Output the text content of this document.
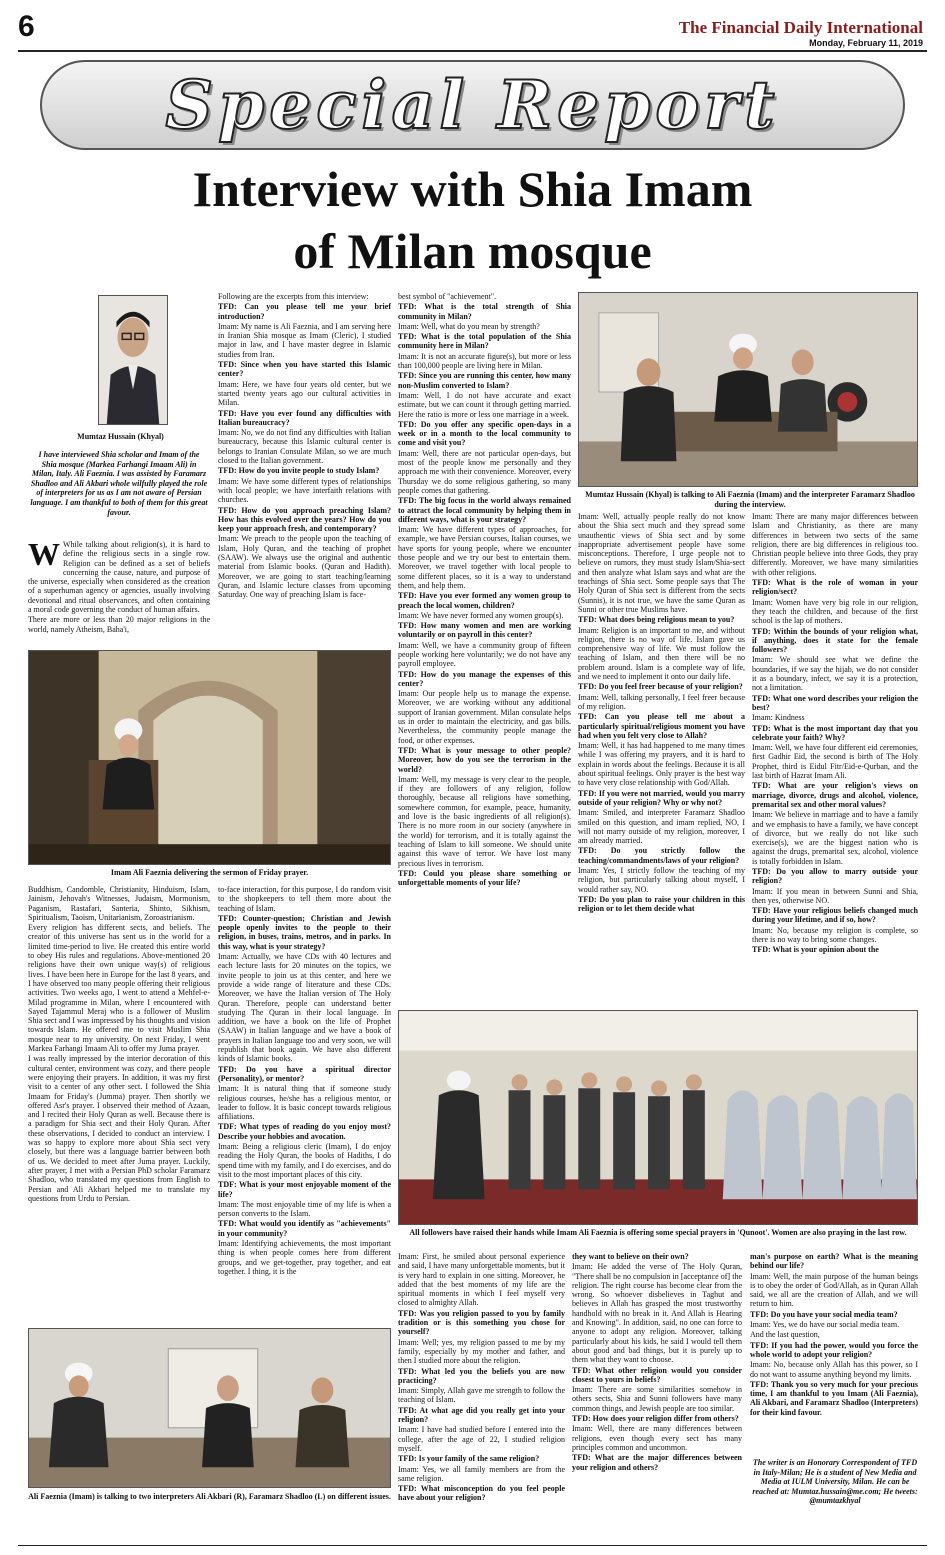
6	The Financial Daily International
Monday, February 11, 2019
Special Report
Interview with Shia Imam
of Milan mosque
Mumtaz Hussain (Khyal)
I have interviewed Shia scholar and Imam of the Shia mosque (Markea Farhangi Imaam Ali) in Milan, Italy. Ali Faeznia. I was assisted by Faramarz Shadloo and Ali Akbari whole wilfully played the role of interpreters for us as I am not aware of Persian language. I am thankful to both of them for this great favour.

W While talking about religion(s), it is hard to define the religious sects in a single row. Religion can be defined as a set of beliefs concerning the cause, nature, and purpose of the universe, especially when considered as the creation of a superhuman agency or agencies, usually involving devotional and ritual observances, and often containing a moral code governing the conduct of human affairs.

There are more or less than 20 major religions in the world, namely Atheism, Baha'i,

Following are the excerpts from this interview:

TFD: Can you please tell me your brief introduction?

Imam: My name is Ali Faeznia, and I am serving here in Iranian Shia mosque as Imam (Cleric), I studied major in law, and I have master degree in Islamic studies from Iran.

TFD: Since when you have started this Islamic center?

Imam: Here, we have four years old center, but we started twenty years ago our cultural activities in Milan.

TFD: Have you ever found any difficulties with Italian bureaucracy?

Imam: No, we do not find any difficulties with Italian bureaucracy, because this Islamic cultural center is belongs to Iranian Consulate Milan, so we are much closed to the Italian government.

TFD: How do you invite people to study Islam?

Imam: We have some different types of relationships with local people; we have interfaith relations with churches.

TFD: How do you approach preaching Islam? How has this evolved over the years? How do you keep your approach fresh, and contemporary?

Imam: We preach to the people upon the teaching of Islam, Holy Quran, and the teaching of prophet (SAAW). We always use the original and authentic material from Islamic books. (Quran and Hadith). Moreover, we are going to start teaching/learning Quran, and Islamic lecture classes from upcoming Saturday. One way of preaching Islam is face-

Imam Ali Faeznia delivering the sermon of Friday prayer.

Buddhism, Candomble, Christianity, Hinduism, Islam, Jainism, Jehovah's Witnesses, Judaism, Mormonism, Paganism, Rastafari, Santeria, Shinto, Sikhism, Spiritualism, Taoism, Unitarianism, Zoroastrianism.

Every religion has different sects, and beliefs. The creator of this universe has sent us in the world for a limited time-period to live. He created this entire world to obey His rules and regulations. Above-mentioned 20 religions have their own unique way(s) of religious lives. I have been here in Europe for the last 8 years, and I have observed too many people offering their religious activities. Two weeks ago, I went to attend a Mehfel-e-Milad programme in Milan, where I encountered with Sayed Tajammul Meraj who is a follower of Muslim Shia sect and I was impressed by his thoughts and vision towards Islam. He offered me to visit Muslim Shia mosque near to my university. On next Friday, I went Markea Farhangi Imaam Ali to offer my Juma prayer.

I was really impressed by the interior decoration of this cultural center, environment was cozy, and there people were enjoying their prayers. In addition, it was my first visit to a center of any other sect. I followed the Shia Imaam for Friday's (Jumma) prayer. Then shortly we offered Asr's prayer. I observed their method of Azaan, and I recited their Holy Quran as well. Because there is a paradigm for Shia sect and their Holy Quran. After these observations, I decided to conduct an interview. I was so happy to explore more about Shia sect very closely, but there was a language barrier between both of us. We decided to meet after Juma prayer. Luckily, after prayer, I met with a Persian PhD scholar Faramarz Shadloo, who translated my questions from English to Persian and Ali Akbari helped me to translate my questions from Urdu to Persian.

to-face interaction, for this purpose, I do random visit to the shopkeepers to tell them more about the teaching of Islam.

TFD: Counter-question; Christian and Jewish people openly invites to the people to their religion, in buses, trains, metros, and in parks. In this way, what is your strategy?

Imam: Actually, we have CDs with 40 lectures and each lecture lasts for 20 minutes on the topics, we invite people to join us at this center, and here we provide a wide range of literature and these CDs. Moreover, we have the Italian version of The Holy Quran. Therefore, people can understand better studying The Quran in their local language. In addition, we have a book on the life of Prophet (SAAW) in Italian language and we have a book of prayers in Italian language too and very soon, we will republish that book again. We have also different kinds of Islamic books.

TFD: Do you have a spiritual director (Personality), or mentor?

Imam: It is natural thing that if someone study religious courses, he/she has a religious mentor, or leader to follow. It is basic concept towards religious affiliations.

TDF: What types of reading do you enjoy most? Describe your hobbies and avocation.

Imam: Being a religious cleric (Imam), I do enjoy reading the Holy Quran, the books of Hadiths, I do spend time with my family, and I do exercises, and do visit to the most important places of this city.

TDF: What is your most enjoyable moment of the life?

Imam: The most enjoyable time of my life is when a person converts to the Islam.

TFD: What would you identify as "achievements" in your community?

Imam: Identifying achievements, the most important thing is when people comes here from different groups, and we get-together, pray together, and eat together. I thing, it is the

Ali Faeznia (Imam) is talking to two interpreters Ali Akbari (R), Faramarz Shadloo (L) on different issues.

best symbol of "achievement".

TFD: What is the total strength of Shia community in Milan?

Imam: Well, what do you mean by strength?

TFD: What is the total population of the Shia community here in Milan?

Imam: It is not an accurate figure(s), but more or less than 100,000 people are living here in Milan.

TFD: Since you are running this center, how many non-Muslim converted to Islam?

Imam: Well, I do not have accurate and exact estimate, but we can count it through getting married. Here the ratio is more or less one marriage in a week.

TFD: Do you offer any specific open-days in a week or in a month to the local community to come and visit you?

Imam: Well, there are not particular open-days, but most of the people know me personally and they approach me with their convenience. Moreover, every Thursday we do some religious gathering, so many people comes that gathering.

TFD: The big focus in the world always remained to attract the local community by helping them in different ways, what is your strategy?

Imam: We have different types of approaches, for example, we have Persian courses, Italian courses, we have sports for young people, where we encounter those people and we try our best to entertain them. Moreover, we travel together with local people to some different places, so it is a way to understand them, and help them.

TFD: Have you ever formed any women group to preach the local women, children?

Imam: We have never formed any women group(s).

TFD: How many women and men are working voluntarily or on payroll in this center?

Imam: Well, we have a community group of fifteen people working here voluntarily; we do not have any payroll employee.

TFD: How do you manage the expenses of this center?

Imam: Our people help us to manage the expense. Moreover, we are working without any additional support of Iranian government. Milan consulate helps us in order to maintain the electricity, and gas bills. Nevertheless, the community people manage the food, or other expenses.

TFD: What is your message to other people? Moreover, how do you see the terrorism in the world?

Imam: Well, my message is very clear to the people, if they are followers of any religion, follow thoroughly, because all religions have something, somewhere common, for example, peace, humanity, and love is the basic ingredients of all religion(s). There is no more room in our society (anywhere in the world) for terrorism, and it is totally against the teaching of Islam to kill someone. We should unite against this wave of terror. We have lost many precious lives in terrorism.

TFD: Could you please share something or unforgettable moments of your life?

Mumtaz Hussain (Khyal) is talking to Ali Faeznia (Imam) and the interpreter Faramarz Shadloo during the interview.

Imam: Well, actually people really do not know about the Shia sect much and they spread some unauthentic views of Shia sect and by some inappropriate advertisement people have some misconceptions. Therefore, I urge people not to believe on rumors, they must study Islam/Shia-sect and then analyze what Islam says and what are the teachings of Shia sect. Some people says that The Holy Quran of Shia sect is different from the sects (Sunnis), it is not true, we have the same Quran as Sunni or other true Muslims have.

TFD: What does being religious mean to you?

Imam: Religion is an important to me, and without religion, there is no way of life. Islam gave us comprehensive way of life. We must follow the teaching of Islam, and then there will be no problem around. Islam is a complete way of life, and we need to implement it onto our daily life.

TFD: Do you feel freer because of your religion?

Imam: Well, talking personally, I feel freer because of my religion.

TFD: Can you please tell me about a particularly spiritual/religious moment you have had when you felt very close to Allah?

Imam: Well, it has had happened to me many times while I was offering my prayers, and it is hard to explain in words about the feelings. Because it is all about spiritual feelings. Only prayer is the best way to have very close relationship with God/Allah.

TFD: If you were not married, would you marry outside of your religion? Why or why not?

Imam: Smiled, and interpreter Faramarz Shadloo smiled on this question, and imam replied, NO, I will not marry outside of my religion, moreover, I am already married.

TFD: Do you strictly follow the teaching/commandments/laws of your religion?

Imam: Yes, I strictly follow the teaching of my religion, but particularly talking about myself, I would rather say, NO.

TFD: Do you plan to raise your children in this religion or to let them decide what

Imam: There are many major differences between Islam and Christianity, as there are many differences in between two sects of the same religion, there are big differences in religious too. Christian people believe into three Gods, they pray differently. Moreover, we have many similarities with other religions.

TFD: What is the role of woman in your religion/sect?

Imam: Women have very big role in our religion, they teach the children, and because of the first school is the lap of mothers.

TFD: Within the bounds of your religion what, if anything, does it state for the female followers?

Imam: We should see what we define the boundaries, if we say the hijab, we do not consider it as a boundary, infect, we say it is a protection, not a limitation.

TFD: What one word describes your religion the best?

Imam: Kindness

TFD: What is the most important day that you celebrate your faith? Why?

Imam: Well, we have four different eid ceremonies, first Gadhir Eid, the second is birth of The Holy Prophet, third is Eidul Fitr/Eid-e-Qurban, and the last birth of Hazrat Imam Ali.

TFD: What are your religion's views on marriage, divorce, drugs and alcohol, violence, premarital sex and other moral values?

Imam: We believe in marriage and to have a family and we emphasis to have a family, we have concept of divorce, but we really do not like such exercise(s), we are the biggest nation who is against the drugs, premarital sex, alcohol, violence is totally forbidden in Islam.

TFD: Do you allow to marry outside your religion?

Imam: If you mean in between Sunni and Shia, then yes, otherwise NO.

TFD: Have your religious beliefs changed much during your lifetime, and if so, how?

Imam: No, because my religion is complete, so there is no way to bring some changes.

TFD: What is your opinion about the

All followers have raised their hands while Imam Ali Faeznia is offering some special prayers in 'Qunoot'. Women are also praying in the last row.

Imam: First, he smiled about personal experience and said, I have many unforgettable moments, but it is very hard to explain in one sitting. Moreover, he added that the best moments of my life are the spiritual moments in which I feel myself very closed to almighty Allah.

TFD: Was you religion passed to you by family tradition or is this something you chose for yourself?

Imam: Well; yes, my religion passed to me by my family, especially by my mother and father, and then I studied more about the religion.

TFD: What led you the beliefs you are now practicing?

Imam: Simply, Allah gave me strength to follow the teaching of Islam.

TFD: At what age did you really get into your religion?

Imam: I have had studied before I entered into the college, after the age of 22, I studied religion myself.

TFD: Is your family of the same religion?

Imam: Yes, we all family members are from the same religion.

TFD: What misconception do you feel people have about your religion?

they want to believe on their own?

Imam: He added the verse of The Holy Quran, "There shall be no compulsion in [acceptance of] the religion. The right course has become clear from the wrong. So whoever disbelieves in Taghut and believes in Allah has grasped the most trustworthy handhold with no break in it. And Allah is Hearing and Knowing". In addition, said, no one can force to anyone to adopt any religion. Moreover, talking particularly about his kids, he said I would tell them about good and bad things, but it is purely up to them what they want to choose.

TFD: What other religion would you consider closest to yours in beliefs?

Imam: There are some similarities somehow in others sects, Shia and Sunni followers have many common things, and Jewish people are too similar.

TFD: How does your religion differ from others?

Imam: Well, there are many differences between religions, even though every sect has many principles common and uncommon.

TFD: What are the major differences between your religion and others?

man's purpose on earth? What is the meaning behind our life?

Imam: Well, the main purpose of the human beings is to obey the order of God/Allah, as in Quran Allah said, we all are the creation of Allah, and we will return to him.

TFD: Do you have your social media team?

Imam: Yes, we do have our social media team.

And the last question,

TFD: If you had the power, would you force the whole world to adopt your religion?

Imam: No, because only Allah has this power, so I do not want to assume anything beyond my limits.

TFD: Thank you so very much for your precious time, I am thankful to you Imam (Ali Faeznia), Ali Akbari, and Faramarz Shadloo (Interpreters) for their kind favour.

The writer is an Honorary Correspondent of TFD in Italy-Milan; He is a student of New Media and Media at IULM University, Milan. He can be reached at: Mumtaz.hussain@me.com; He tweets: @mumtazkhyal
